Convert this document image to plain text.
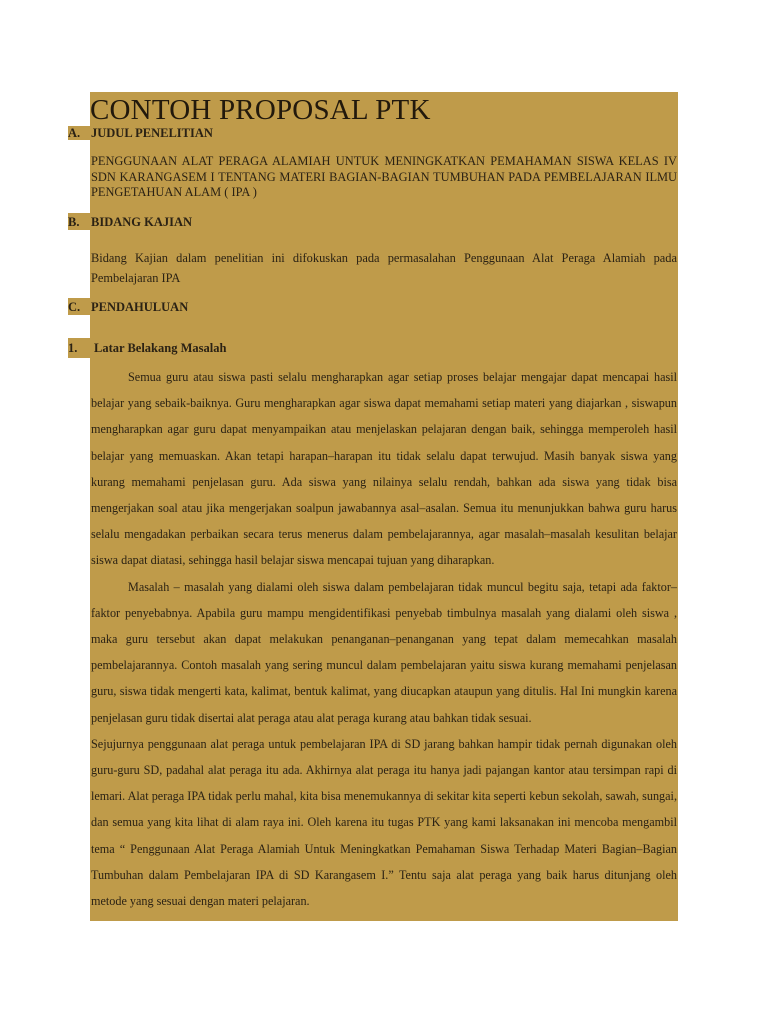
CONTOH PROPOSAL PTK
A. JUDUL PENELITIAN

PENGGUNAAN ALAT PERAGA ALAMIAH UNTUK MENINGKATKAN PEMAHAMAN SISWA KELAS IV SDN KARANGASEM I TENTANG MATERI BAGIAN-BAGIAN TUMBUHAN PADA PEMBELAJARAN ILMU PENGETAHUAN ALAM ( IPA )

B. BIDANG KAJIAN

Bidang Kajian dalam penelitian ini difokuskan pada permasalahan Penggunaan Alat Peraga Alamiah pada Pembelajaran IPA

C. PENDAHULUAN
1. Latar Belakang Masalah

Semua guru atau siswa pasti selalu mengharapkan agar setiap proses belajar mengajar dapat mencapai hasil belajar yang sebaik-baiknya. Guru mengharapkan agar siswa dapat memahami setiap materi yang diajarkan , siswapun mengharapkan agar guru dapat menyampaikan atau menjelaskan pelajaran dengan baik, sehingga memperoleh hasil belajar yang memuaskan. Akan tetapi harapan–harapan itu tidak selalu dapat terwujud. Masih banyak siswa yang kurang memahami penjelasan guru. Ada siswa yang nilainya selalu rendah, bahkan ada siswa yang tidak bisa mengerjakan soal atau jika mengerjakan soalpun jawabannya asal–asalan. Semua itu menunjukkan bahwa guru harus selalu mengadakan perbaikan secara terus menerus dalam pembelajarannya, agar masalah–masalah kesulitan belajar siswa dapat diatasi, sehingga hasil belajar siswa mencapai tujuan yang diharapkan.

Masalah – masalah yang dialami oleh siswa dalam pembelajaran tidak muncul begitu saja, tetapi ada faktor–faktor penyebabnya. Apabila guru mampu mengidentifikasi penyebab timbulnya masalah yang dialami oleh siswa , maka guru tersebut akan dapat melakukan penanganan–penanganan yang tepat dalam memecahkan masalah pembelajarannya. Contoh masalah yang sering muncul dalam pembelajaran yaitu siswa kurang memahami penjelasan guru, siswa tidak mengerti kata, kalimat, bentuk kalimat, yang diucapkan ataupun yang ditulis. Hal Ini mungkin karena penjelasan guru tidak disertai alat peraga atau alat peraga kurang atau bahkan tidak sesuai.

Sejujurnya penggunaan alat peraga untuk pembelajaran IPA di SD jarang bahkan hampir tidak pernah digunakan oleh guru-guru SD, padahal alat peraga itu ada. Akhirnya alat peraga itu hanya jadi pajangan kantor atau tersimpan rapi di lemari. Alat peraga IPA tidak perlu mahal, kita bisa menemukannya di sekitar kita seperti kebun sekolah, sawah, sungai, dan semua yang kita lihat di alam raya ini. Oleh karena itu tugas PTK yang kami laksanakan ini mencoba mengambil tema “ Penggunaan Alat Peraga Alamiah Untuk Meningkatkan Pemahaman Siswa Terhadap Materi Bagian–Bagian Tumbuhan dalam Pembelajaran IPA di SD Karangasem I.” Tentu saja alat peraga yang baik harus ditunjang oleh metode yang sesuai dengan materi pelajaran.
